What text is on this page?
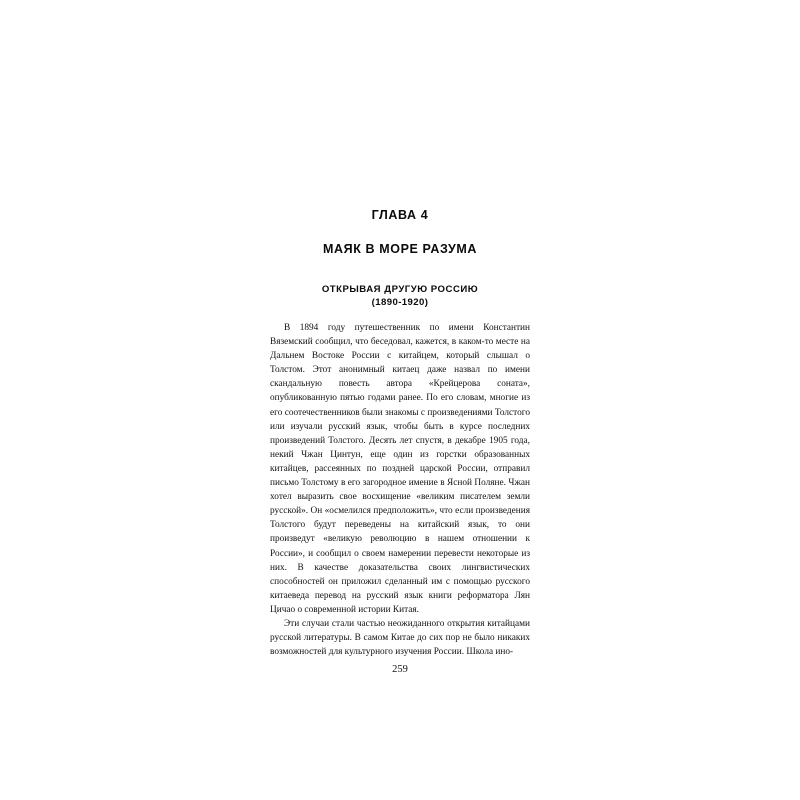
ГЛАВА 4
МАЯК В МОРЕ РАЗУМА
ОТКРЫВАЯ ДРУГУЮ РОССИЮ
(1890-1920)

В 1894 году путешественник по имени Константин Вяземский сообщил, что беседовал, кажется, в каком-то месте на Дальнем Востоке России с китайцем, который слышал о Толстом. Этот анонимный китаец даже назвал по имени скандальную повесть автора «Крейцерова соната», опубликованную пятью годами ранее. По его словам, многие из его соотечественников были знакомы с произведениями Толстого или изучали русский язык, чтобы быть в курсе последних произведений Толстого. Десять лет спустя, в декабре 1905 года, некий Чжан Цинтун, еще один из горстки образованных китайцев, рассеянных по поздней царской России, отправил письмо Толстому в его загородное имение в Ясной Поляне. Чжан хотел выразить свое восхищение «великим писателем земли русской». Он «осмелился предположить», что если произведения Толстого будут переведены на китайский язык, то они произведут «великую революцию в нашем отношении к России», и сообщил о своем намерении перевести некоторые из них. В качестве доказательства своих лингвистических способностей он приложил сделанный им с помощью русского китаеведа перевод на русский язык книги реформатора Лян Цичао о современной истории Китая.

Эти случаи стали частью неожиданного открытия китайцами русской литературы. В самом Китае до сих пор не было никаких возможностей для культурного изучения России. Школа ино-

259
